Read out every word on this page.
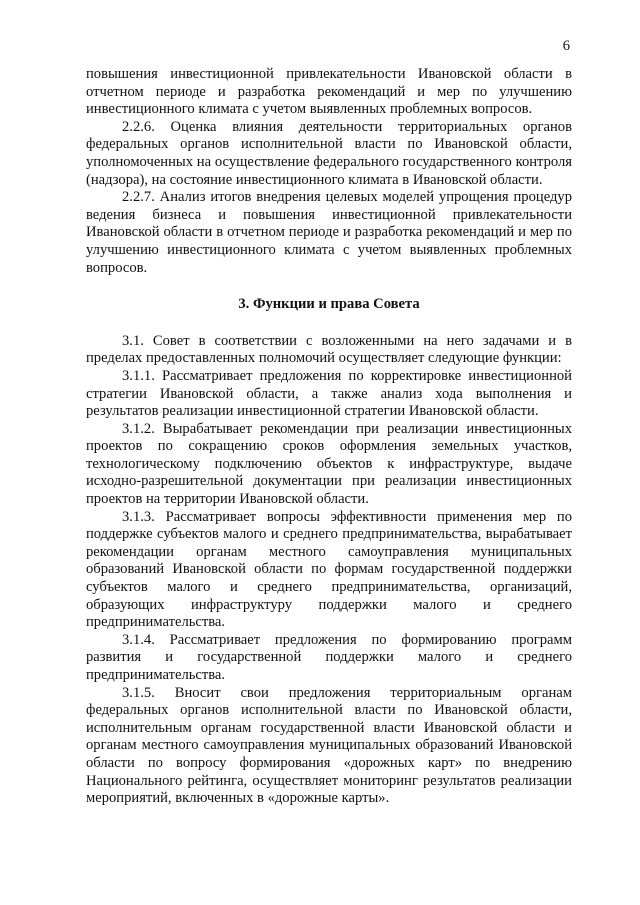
6

повышения инвестиционной привлекательности Ивановской области в отчетном периоде и разработка рекомендаций и мер по улучшению инвестиционного климата с учетом выявленных проблемных вопросов.

2.2.6. Оценка влияния деятельности территориальных органов федеральных органов исполнительной власти по Ивановской области, уполномоченных на осуществление федерального государственного контроля (надзора), на состояние инвестиционного климата в Ивановской области.

2.2.7. Анализ итогов внедрения целевых моделей упрощения процедур ведения бизнеса и повышения инвестиционной привлекательности Ивановской области в отчетном периоде и разработка рекомендаций и мер по улучшению инвестиционного климата с учетом выявленных проблемных вопросов.

3. Функции и права Совета

3.1. Совет в соответствии с возложенными на него задачами и в пределах предоставленных полномочий осуществляет следующие функции:

3.1.1. Рассматривает предложения по корректировке инвестиционной стратегии Ивановской области, а также анализ хода выполнения и результатов реализации инвестиционной стратегии Ивановской области.

3.1.2. Вырабатывает рекомендации при реализации инвестиционных проектов по сокращению сроков оформления земельных участков, технологическому подключению объектов к инфраструктуре, выдаче исходно-разрешительной документации при реализации инвестиционных проектов на территории Ивановской области.

3.1.3. Рассматривает вопросы эффективности применения мер по поддержке субъектов малого и среднего предпринимательства, вырабатывает рекомендации органам местного самоуправления муниципальных образований Ивановской области по формам государственной поддержки субъектов малого и среднего предпринимательства, организаций, образующих инфраструктуру поддержки малого и среднего предпринимательства.

3.1.4. Рассматривает предложения по формированию программ развития и государственной поддержки малого и среднего предпринимательства.

3.1.5. Вносит свои предложения территориальным органам федеральных органов исполнительной власти по Ивановской области, исполнительным органам государственной власти Ивановской области и органам местного самоуправления муниципальных образований Ивановской области по вопросу формирования «дорожных карт» по внедрению Национального рейтинга, осуществляет мониторинг результатов реализации мероприятий, включенных в «дорожные карты».
